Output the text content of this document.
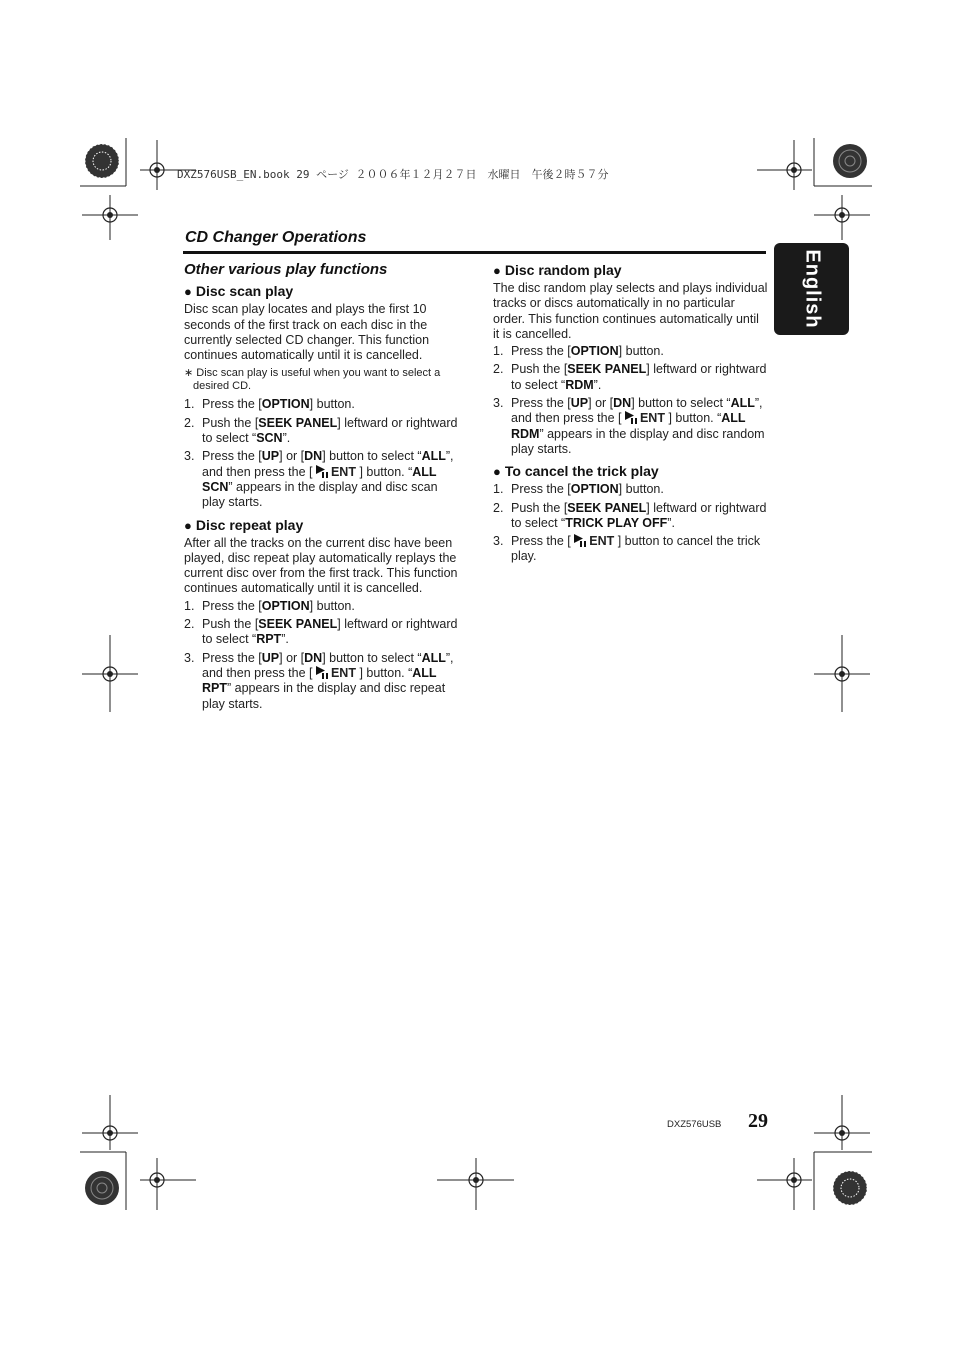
DXZ576USB_EN.book 29 ページ ２００６年１２月２７日　水曜日　午後２時５７分
CD Changer Operations
English
Other various play functions
● Disc scan play

Disc scan play locates and plays the first 10 seconds of the first track on each disc in the currently selected CD changer. This function continues automatically until it is cancelled.

∗ Disc scan play is useful when you want to select a desired CD.
1. Press the [OPTION] button.
2. Push the [SEEK PANEL] leftward or rightward to select “SCN”.
3. Press the [UP] or [DN] button to select “ALL”, and then press the [ ENT ] button. “ALL SCN” appears in the display and disc scan play starts.
● Disc repeat play

After all the tracks on the current disc have been played, disc repeat play automatically replays the current disc over from the first track. This function continues automatically until it is cancelled.

1. Press the [OPTION] button.
2. Push the [SEEK PANEL] leftward or rightward to select “RPT”.
3. Press the [UP] or [DN] button to select “ALL”, and then press the [ ENT ] button. “ALL RPT” appears in the display and disc repeat play starts.
● Disc random play

The disc random play selects and plays individual tracks or discs automatically in no particular order. This function continues automatically until it is cancelled.

1. Press the [OPTION] button.
2. Push the [SEEK PANEL] leftward or rightward to select “RDM”.
3. Press the [UP] or [DN] button to select “ALL”, and then press the [ ENT ] button. “ALL RDM” appears in the display and disc random play starts.
● To cancel the trick play
1. Press the [OPTION] button.
2. Push the [SEEK PANEL] leftward or rightward to select “TRICK PLAY OFF”.
3. Press the [ ENT ] button to cancel the trick play.
DXZ576USB 29
